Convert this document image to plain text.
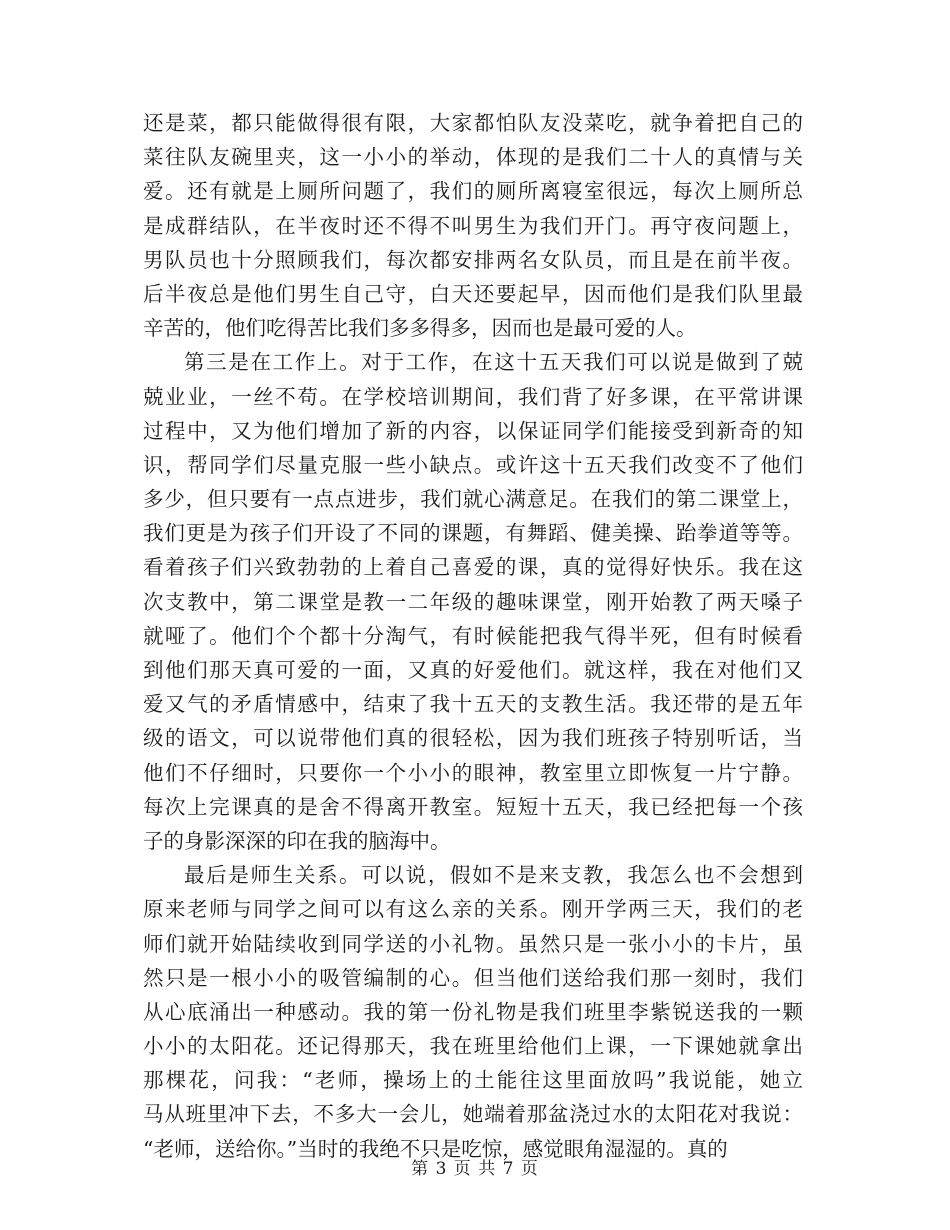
还是菜，都只能做得很有限，大家都怕队友没菜吃，就争着把自己的
菜往队友碗里夹，这一小小的举动，体现的是我们二十人的真情与关
爱。还有就是上厕所问题了，我们的厕所离寝室很远，每次上厕所总
是成群结队，在半夜时还不得不叫男生为我们开门。再守夜问题上，
男队员也十分照顾我们，每次都安排两名女队员，而且是在前半夜。
后半夜总是他们男生自己守，白天还要起早，因而他们是我们队里最
辛苦的，他们吃得苦比我们多多得多，因而也是最可爱的人。
第三是在工作上。对于工作，在这十五天我们可以说是做到了兢
兢业业，一丝不苟。在学校培训期间，我们背了好多课，在平常讲课
过程中，又为他们增加了新的内容，以保证同学们能接受到新奇的知
识，帮同学们尽量克服一些小缺点。或许这十五天我们改变不了他们
多少，但只要有一点点进步，我们就心满意足。在我们的第二课堂上，
我们更是为孩子们开设了不同的课题，有舞蹈、健美操、跆拳道等等。
看着孩子们兴致勃勃的上着自己喜爱的课，真的觉得好快乐。我在这
次支教中，第二课堂是教一二年级的趣味课堂，刚开始教了两天嗓子
就哑了。他们个个都十分淘气，有时候能把我气得半死，但有时候看
到他们那天真可爱的一面，又真的好爱他们。就这样，我在对他们又
爱又气的矛盾情感中，结束了我十五天的支教生活。我还带的是五年
级的语文，可以说带他们真的很轻松，因为我们班孩子特别听话，当
他们不仔细时，只要你一个小小的眼神，教室里立即恢复一片宁静。
每次上完课真的是舍不得离开教室。短短十五天，我已经把每一个孩
子的身影深深的印在我的脑海中。
最后是师生关系。可以说，假如不是来支教，我怎么也不会想到
原来老师与同学之间可以有这么亲的关系。刚开学两三天，我们的老
师们就开始陆续收到同学送的小礼物。虽然只是一张小小的卡片，虽
然只是一根小小的吸管编制的心。但当他们送给我们那一刻时，我们
从心底涌出一种感动。我的第一份礼物是我们班里李紫锐送我的一颗
小小的太阳花。还记得那天，我在班里给他们上课，一下课她就拿出
那棵花，问我：“老师，操场上的土能往这里面放吗”我说能，她立
马从班里冲下去，不多大一会儿，她端着那盆浇过水的太阳花对我说：
“老师，送给你。”当时的我绝不只是吃惊，感觉眼角湿湿的。真的
第 3 页 共 7 页
